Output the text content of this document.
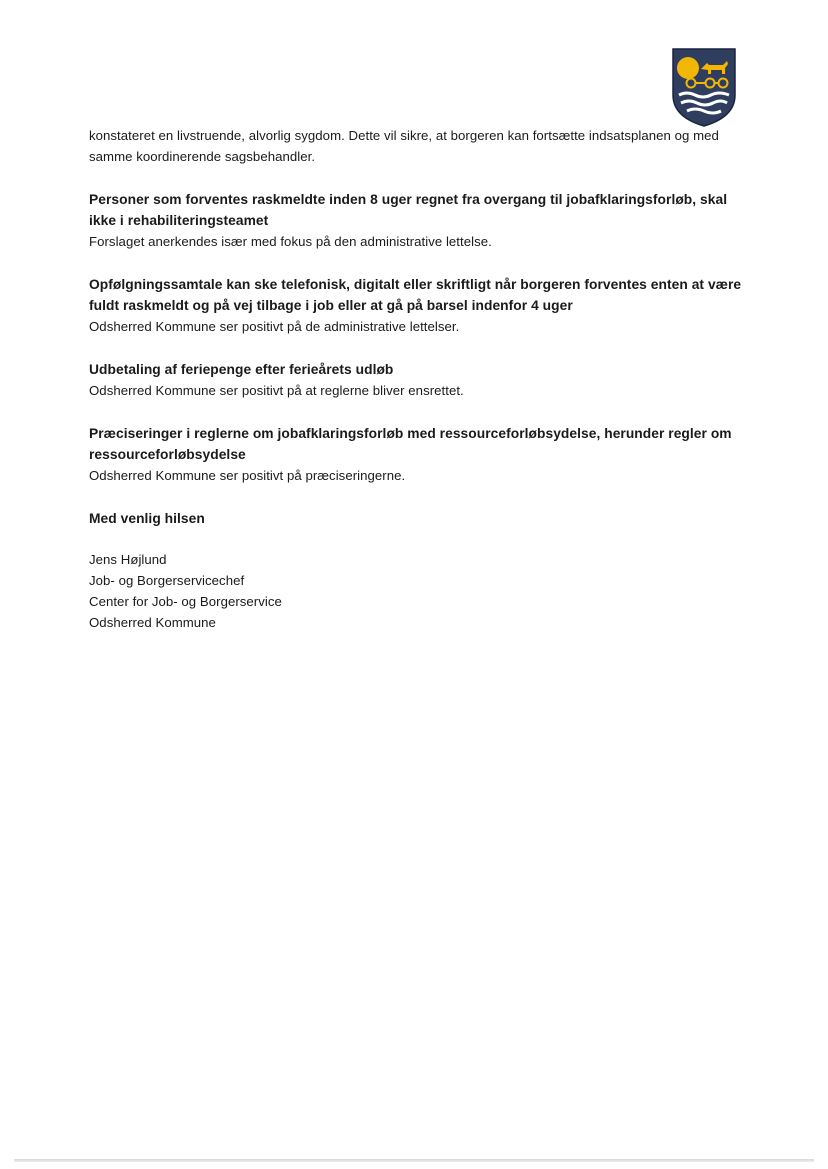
konstateret en livstruende, alvorlig sygdom. Dette vil sikre, at borgeren kan fortsætte indsatsplanen og med samme koordinerende sagsbehandler.
Personer som forventes raskmeldte inden 8 uger regnet fra overgang til jobafklaringsforløb, skal ikke i rehabiliteringsteamet
Forslaget anerkendes især med fokus på den administrative lettelse.
Opfølgningssamtale kan ske telefonisk, digitalt eller skriftligt når borgeren forventes enten at være fuldt raskmeldt og på vej tilbage i job eller at gå på barsel indenfor 4 uger
Odsherred Kommune ser positivt på de administrative lettelser.
Udbetaling af feriepenge efter ferieårets udløb
Odsherred Kommune ser positivt på at reglerne bliver ensrettet.
Præciseringer i reglerne om jobafklaringsforløb med ressourceforløbsydelse, herunder regler om ressourceforløbsydelse
Odsherred Kommune ser positivt på præciseringerne.
Med venlig hilsen
Jens Højlund
Job- og Borgerservicechef
Center for Job- og Borgerservice
Odsherred Kommune
